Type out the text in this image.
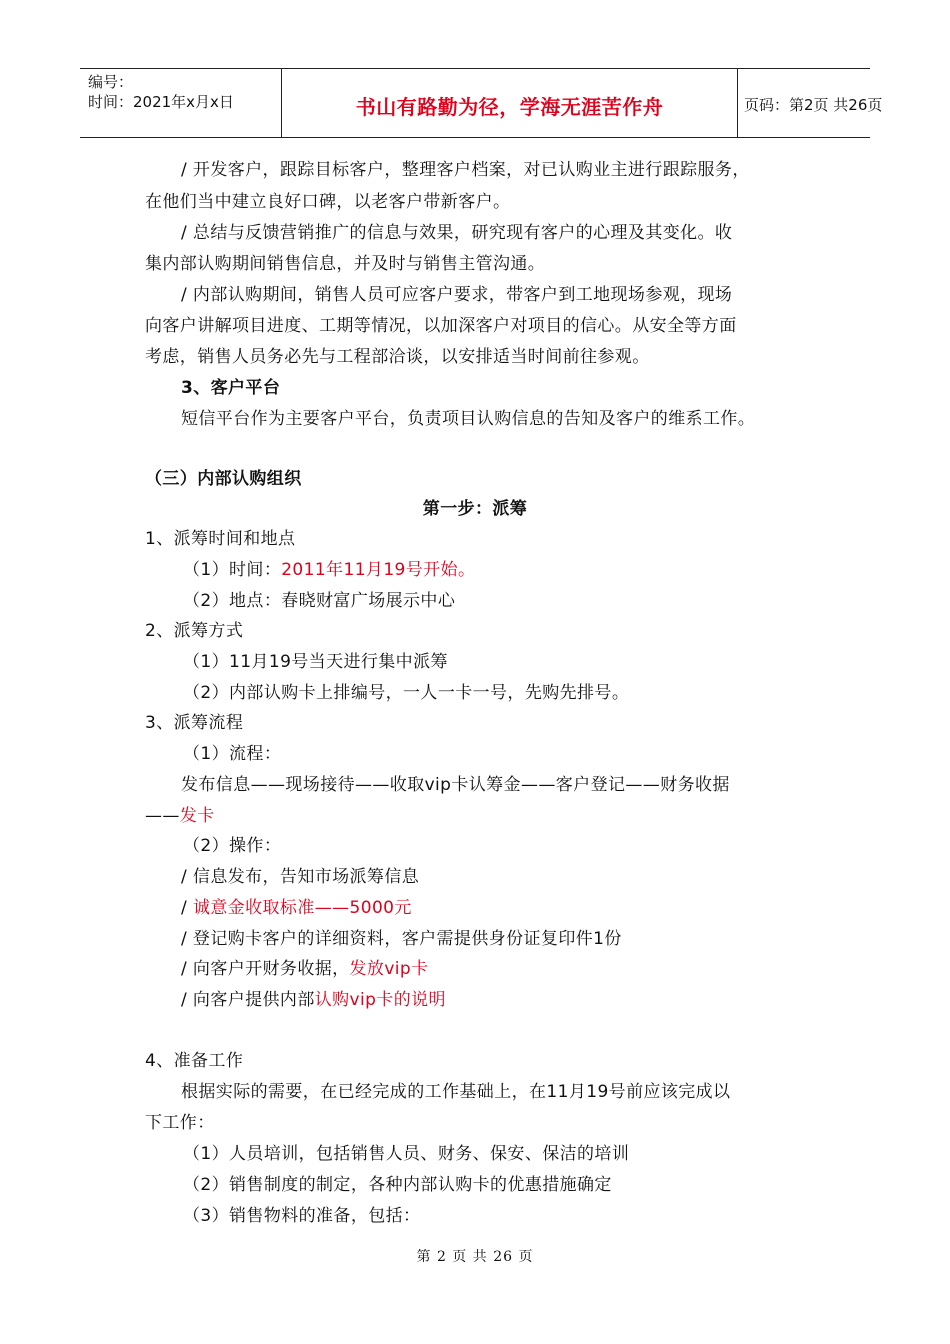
编号：
时间：2021年x月x日	书山有路勤为径，学海无涯苦作舟	页码：第2页 共26页
/ 开发客户，跟踪目标客户，整理客户档案，对已认购业主进行跟踪服务，
在他们当中建立良好口碑，以老客户带新客户。
/ 总结与反馈营销推广的信息与效果，研究现有客户的心理及其变化。收
集内部认购期间销售信息，并及时与销售主管沟通。
/ 内部认购期间，销售人员可应客户要求，带客户到工地现场参观，现场
向客户讲解项目进度、工期等情况，以加深客户对项目的信心。从安全等方面
考虑，销售人员务必先与工程部洽谈，以安排适当时间前往参观。
3、客户平台
短信平台作为主要客户平台，负责项目认购信息的告知及客户的维系工作。
（三）内部认购组织
第一步：派筹
1、派筹时间和地点
（1）时间：2011年11月19号开始。
（2）地点：春晓财富广场展示中心
2、派筹方式
（1）11月19号当天进行集中派筹
（2）内部认购卡上排编号，一人一卡一号，先购先排号。
3、派筹流程
（1）流程：
发布信息——现场接待——收取vip卡认筹金——客户登记——财务收据
——发卡
（2）操作：
/ 信息发布，告知市场派筹信息
/ 诚意金收取标准——5000元
/ 登记购卡客户的详细资料，客户需提供身份证复印件1份
/ 向客户开财务收据，发放vip卡
/ 向客户提供内部认购vip卡的说明
4、准备工作
根据实际的需要，在已经完成的工作基础上，在11月19号前应该完成以
下工作：
（1）人员培训，包括销售人员、财务、保安、保洁的培训
（2）销售制度的制定，各种内部认购卡的优惠措施确定
（3）销售物料的准备，包括：
第 2 页 共 26 页
